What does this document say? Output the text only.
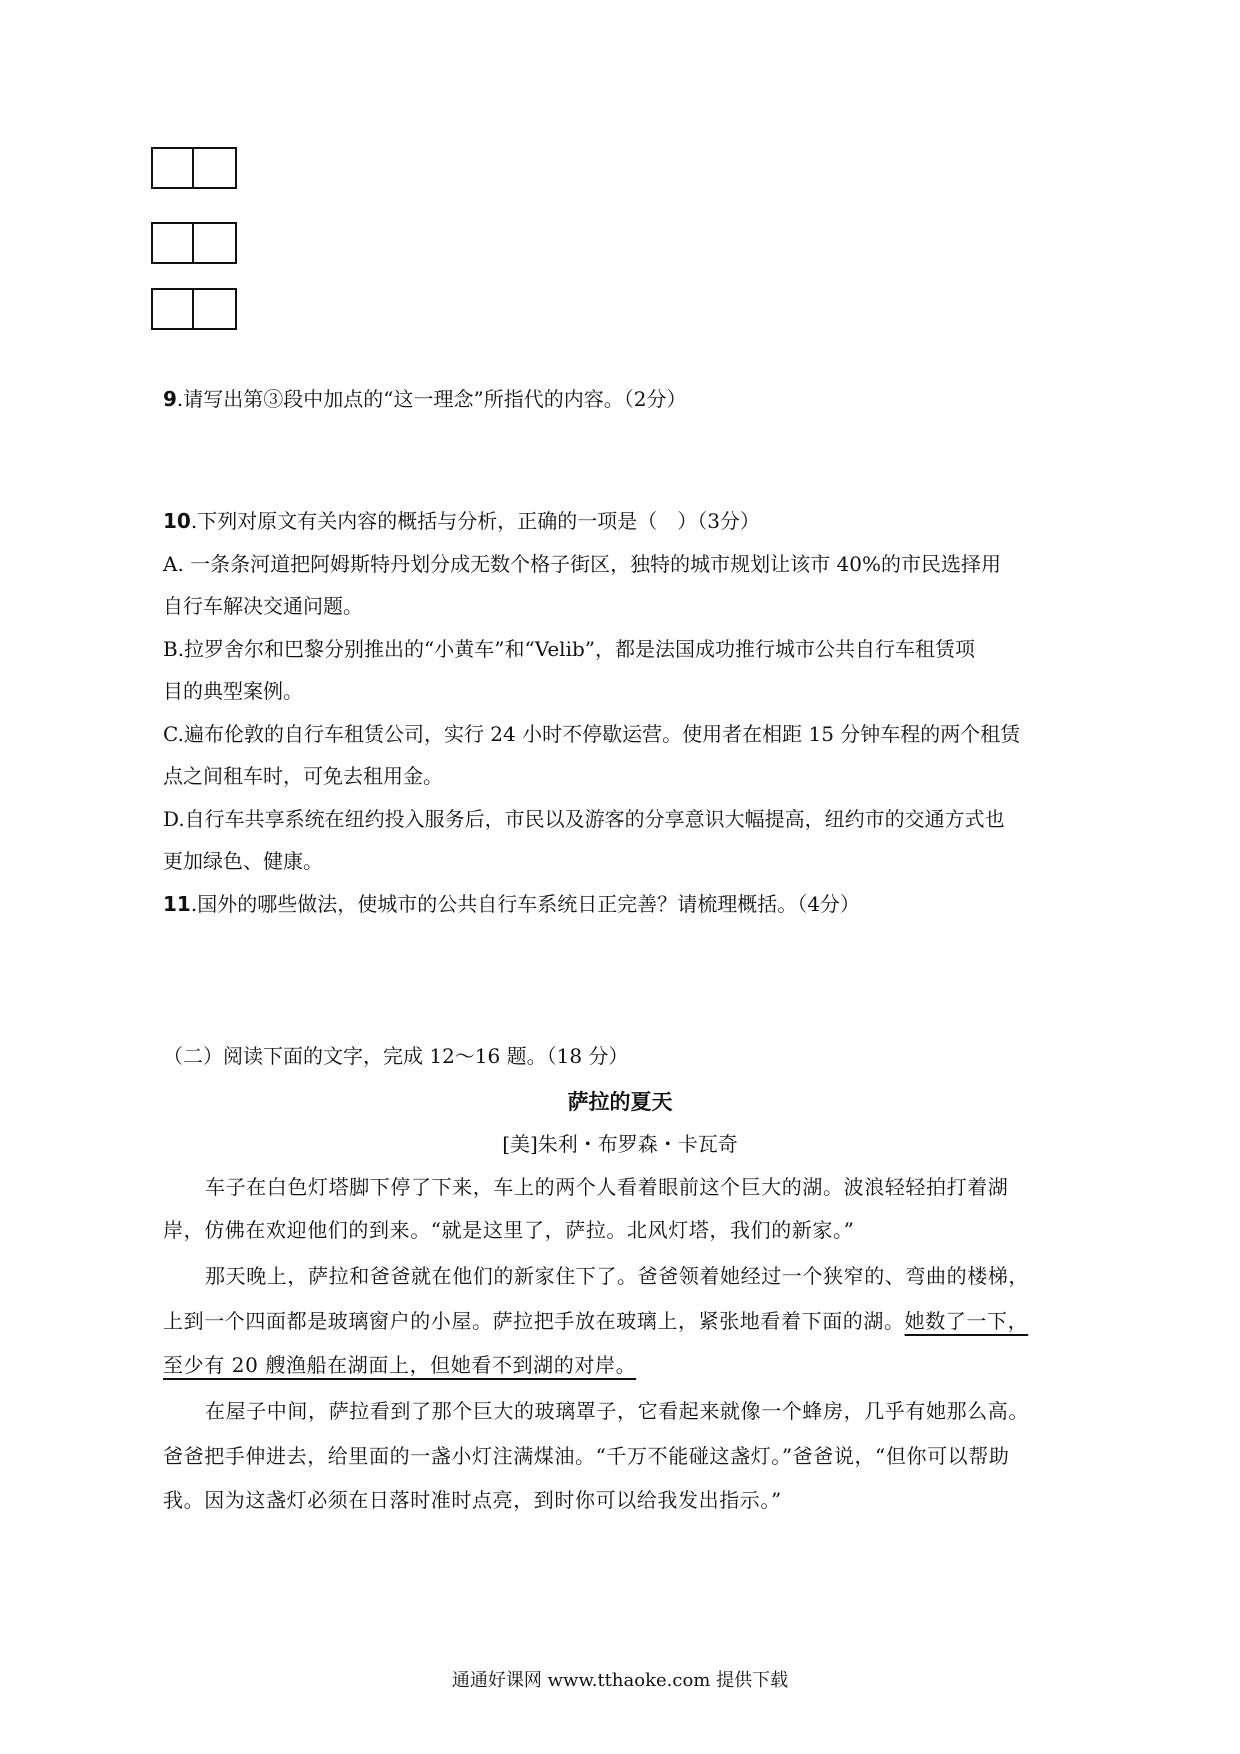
9.请写出第③段中加点的“这一理念”所指代的内容。（2分）
10.下列对原文有关内容的概括与分析，正确的一项是（　）（3分）
A. 一条条河道把阿姆斯特丹划分成无数个格子街区，独特的城市规划让该市 40%的市民选择用
自行车解决交通问题。
B.拉罗舍尔和巴黎分别推出的“小黄车”和“Velib”，都是法国成功推行城市公共自行车租赁项
目的典型案例。
C.遍布伦敦的自行车租赁公司，实行 24 小时不停歇运营。使用者在相距 15 分钟车程的两个租赁
点之间租车时，可免去租用金。
D.自行车共享系统在纽约投入服务后，市民以及游客的分享意识大幅提高，纽约市的交通方式也
更加绿色、健康。
11.国外的哪些做法，使城市的公共自行车系统日正完善？请梳理概括。（4分）
（二）阅读下面的文字，完成 12～16 题。（18 分）
萨拉的夏天
[美]朱利・布罗森・卡瓦奇
车子在白色灯塔脚下停了下来，车上的两个人看着眼前这个巨大的湖。波浪轻轻拍打着湖
岸，仿佛在欢迎他们的到来。“就是这里了，萨拉。北风灯塔，我们的新家。”
那天晚上，萨拉和爸爸就在他们的新家住下了。爸爸领着她经过一个狭窄的、弯曲的楼梯，
上到一个四面都是玻璃窗户的小屋。萨拉把手放在玻璃上，紧张地看着下面的湖。她数了一下，
至少有 20 艘渔船在湖面上，但她看不到湖的对岸。
在屋子中间，萨拉看到了那个巨大的玻璃罩子，它看起来就像一个蜂房，几乎有她那么高。
爸爸把手伸进去，给里面的一盏小灯注满煤油。“千万不能碰这盏灯。”爸爸说，“但你可以帮助
我。因为这盏灯必须在日落时准时点亮，到时你可以给我发出指示。”
通通好课网 www.tthaoke.com 提供下载
